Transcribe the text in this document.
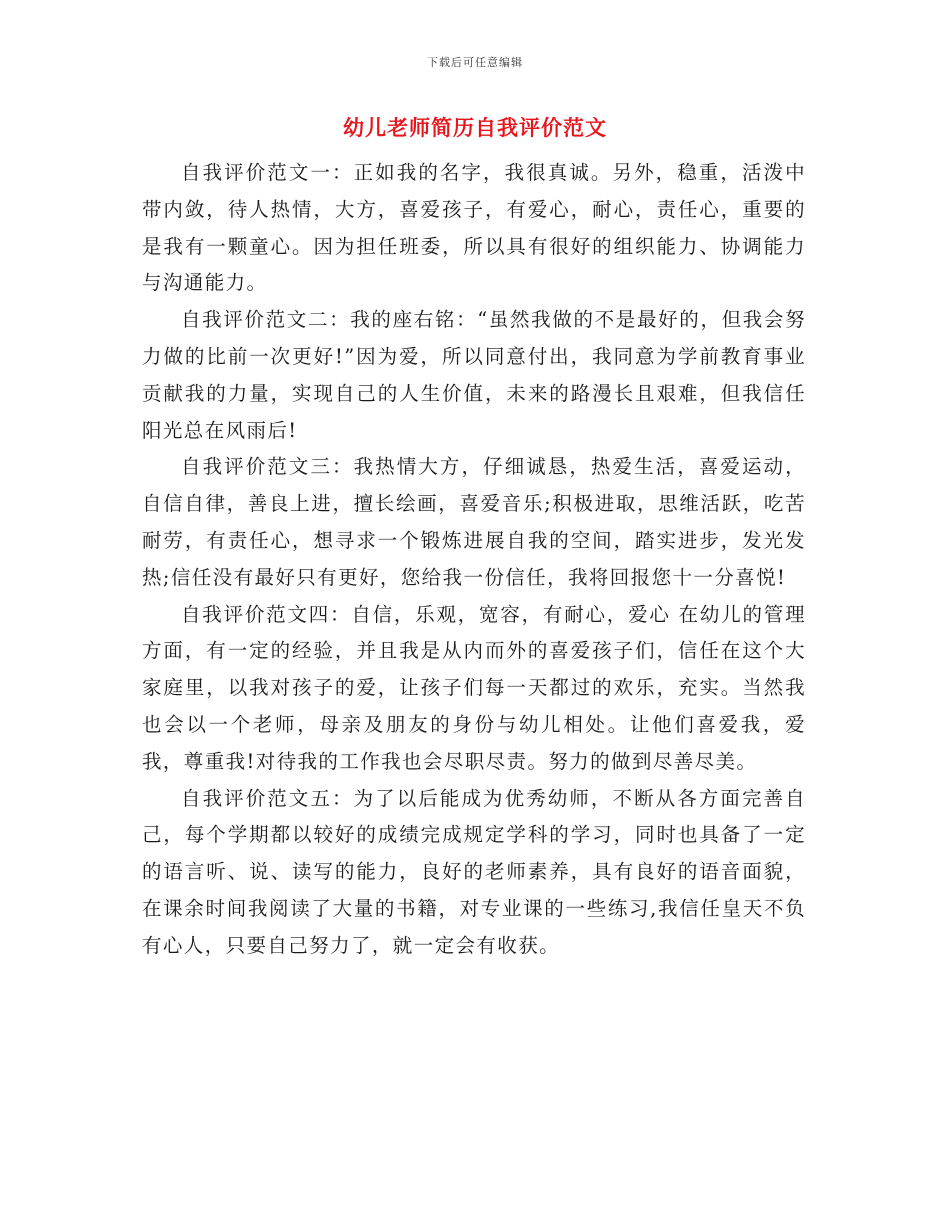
下载后可任意编辑
幼儿老师简历自我评价范文

自我评价范文一：正如我的名字，我很真诚。另外，稳重，活泼中带内敛，待人热情，大方，喜爱孩子，有爱心，耐心，责任心，重要的是我有一颗童心。因为担任班委，所以具有很好的组织能力、协调能力与沟通能力。

自我评价范文二：我的座右铭：“虽然我做的不是最好的，但我会努力做的比前一次更好!”因为爱，所以同意付出，我同意为学前教育事业贡献我的力量，实现自己的人生价值，未来的路漫长且艰难，但我信任阳光总在风雨后!

自我评价范文三：我热情大方，仔细诚恳，热爱生活，喜爱运动，自信自律，善良上进，擅长绘画，喜爱音乐;积极进取，思维活跃，吃苦耐劳，有责任心，想寻求一个锻炼进展自我的空间，踏实进步，发光发热;信任没有最好只有更好，您给我一份信任，我将回报您十一分喜悦!

自我评价范文四：自信，乐观，宽容，有耐心，爱心 在幼儿的管理方面，有一定的经验，并且我是从内而外的喜爱孩子们，信任在这个大家庭里，以我对孩子的爱，让孩子们每一天都过的欢乐，充实。当然我也会以一个老师，母亲及朋友的身份与幼儿相处。让他们喜爱我，爱我，尊重我!对待我的工作我也会尽职尽责。努力的做到尽善尽美。

自我评价范文五：为了以后能成为优秀幼师，不断从各方面完善自己，每个学期都以较好的成绩完成规定学科的学习，同时也具备了一定的语言听、说、读写的能力，良好的老师素养，具有良好的语音面貌，在课余时间我阅读了大量的书籍，对专业课的一些练习,我信任皇天不负有心人，只要自己努力了，就一定会有收获。
